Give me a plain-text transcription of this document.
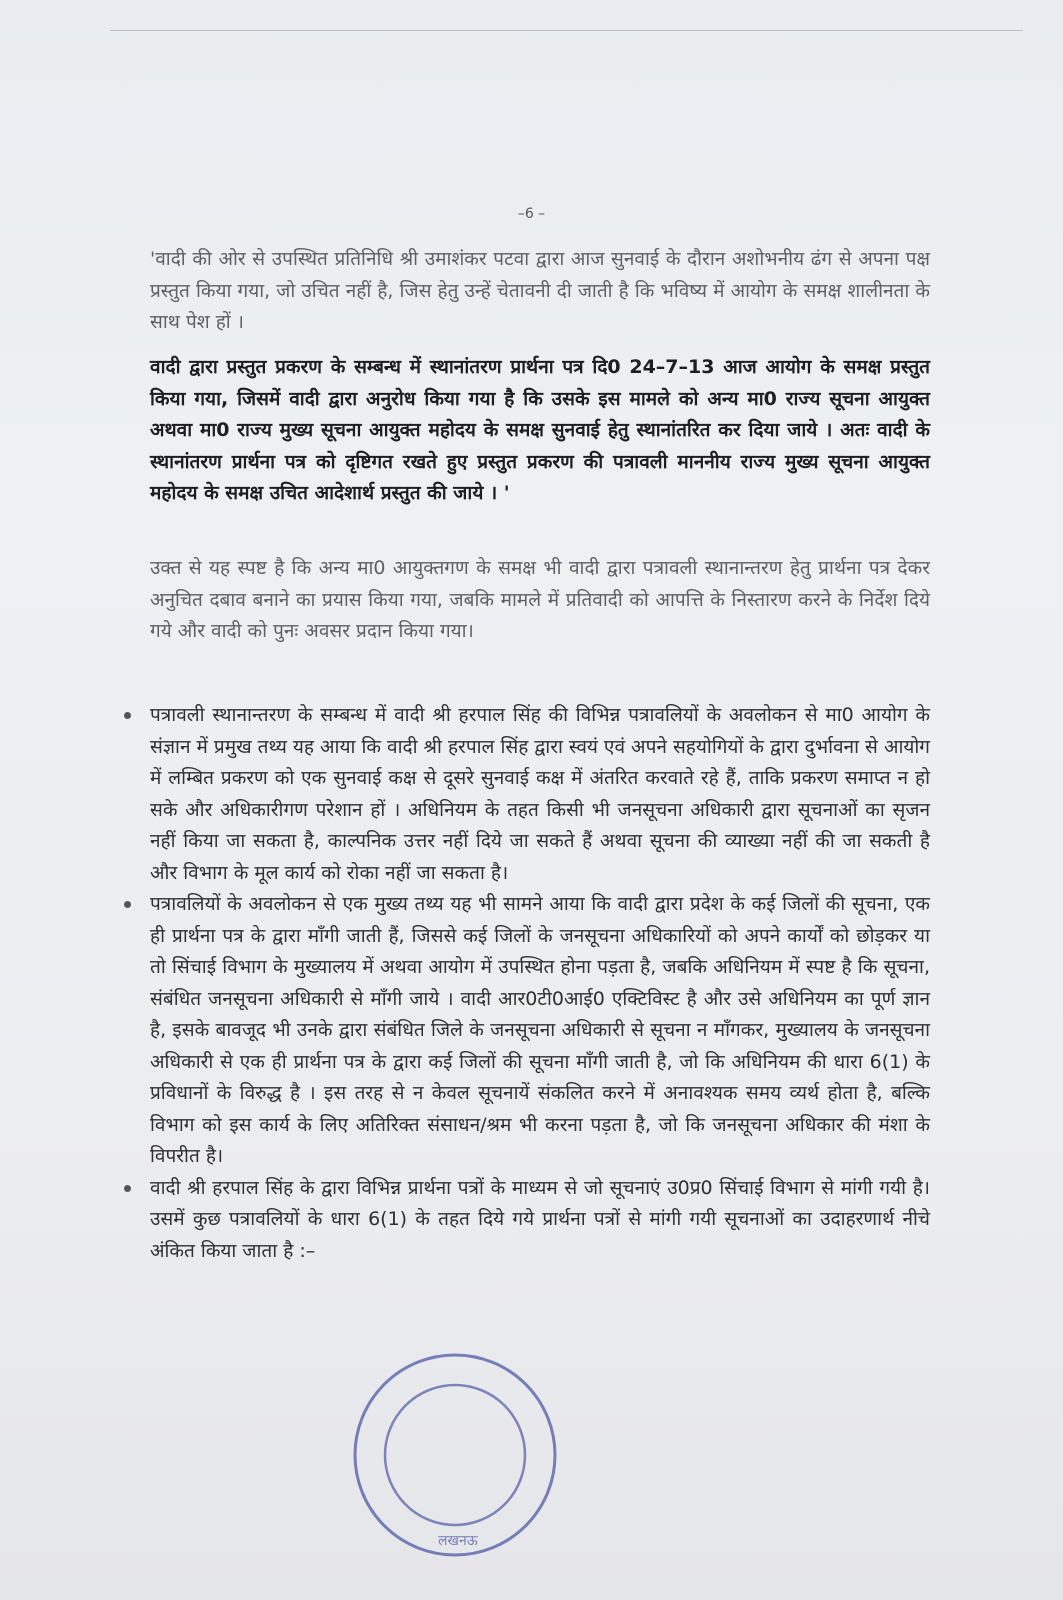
–6 –

'वादी की ओर से उपस्थित प्रतिनिधि श्री उमाशंकर पटवा द्वारा आज सुनवाई के दौरान अशोभनीय ढंग से अपना पक्ष प्रस्तुत किया गया, जो उचित नहीं है, जिस हेतु उन्हें चेतावनी दी जाती है कि भविष्य में आयोग के समक्ष शालीनता के साथ पेश हों ।

वादी द्वारा प्रस्तुत प्रकरण के सम्बन्ध में स्थानांतरण प्रार्थना पत्र दि0 24–7–13 आज आयोग के समक्ष प्रस्तुत किया गया, जिसमें वादी द्वारा अनुरोध किया गया है कि उसके इस मामले को अन्य मा0 राज्य सूचना आयुक्त अथवा मा0 राज्य मुख्य सूचना आयुक्त महोदय के समक्ष सुनवाई हेतु स्थानांतरित कर दिया जाये । अतः वादी के स्थानांतरण प्रार्थना पत्र को दृष्टिगत रखते हुए प्रस्तुत प्रकरण की पत्रावली माननीय राज्य मुख्य सूचना आयुक्त महोदय के समक्ष उचित आदेशार्थ प्रस्तुत की जाये । '

उक्त से यह स्पष्ट है कि अन्य मा0 आयुक्तगण के समक्ष भी वादी द्वारा पत्रावली स्थानान्तरण हेतु प्रार्थना पत्र देकर अनुचित दबाव बनाने का प्रयास किया गया, जबकि मामले में प्रतिवादी को आपत्ति के निस्तारण करने के निर्देश दिये गये और वादी को पुनः अवसर प्रदान किया गया।

पत्रावली स्थानान्तरण के सम्बन्ध में वादी श्री हरपाल सिंह की विभिन्न पत्रावलियों के अवलोकन से मा0 आयोग के संज्ञान में प्रमुख तथ्य यह आया कि वादी श्री हरपाल सिंह द्वारा स्वयं एवं अपने सहयोगियों के द्वारा दुर्भावना से आयोग में लम्बित प्रकरण को एक सुनवाई कक्ष से दूसरे सुनवाई कक्ष में अंतरित करवाते रहे हैं, ताकि प्रकरण समाप्त न हो सके और अधिकारीगण परेशान हों । अधिनियम के तहत किसी भी जनसूचना अधिकारी द्वारा सूचनाओं का सृजन नहीं किया जा सकता है, काल्पनिक उत्तर नहीं दिये जा सकते हैं अथवा सूचना की व्याख्या नहीं की जा सकती है और विभाग के मूल कार्य को रोका नहीं जा सकता है।
पत्रावलियों के अवलोकन से एक मुख्य तथ्य यह भी सामने आया कि वादी द्वारा प्रदेश के कई जिलों की सूचना, एक ही प्रार्थना पत्र के द्वारा माँगी जाती हैं, जिससे कई जिलों के जनसूचना अधिकारियों को अपने कार्यों को छोड़कर या तो सिंचाई विभाग के मुख्यालय में अथवा आयोग में उपस्थित होना पड़ता है, जबकि अधिनियम में स्पष्ट है कि सूचना, संबंधित जनसूचना अधिकारी से माँगी जाये । वादी आर0टी0आई0 एक्टिविस्ट है और उसे अधिनियम का पूर्ण ज्ञान है, इसके बावजूद भी उनके द्वारा संबंधित जिले के जनसूचना अधिकारी से सूचना न माँगकर, मुख्यालय के जनसूचना अधिकारी से एक ही प्रार्थना पत्र के द्वारा कई जिलों की सूचना माँगी जाती है, जो कि अधिनियम की धारा 6(1) के प्रविधानों के विरुद्ध है । इस तरह से न केवल सूचनायें संकलित करने में अनावश्यक समय व्यर्थ होता है, बल्कि विभाग को इस कार्य के लिए अतिरिक्त संसाधन/श्रम भी करना पड़ता है, जो कि जनसूचना अधिकार की मंशा के विपरीत है।
वादी श्री हरपाल सिंह के द्वारा विभिन्न प्रार्थना पत्रों के माध्यम से जो सूचनाएं उ0प्र0 सिंचाई विभाग से मांगी गयी है। उसमें कुछ पत्रावलियों के धारा 6(1) के तहत दिये गये प्रार्थना पत्रों से मांगी गयी सूचनाओं का उदाहरणार्थ नीचे अंकित किया जाता है :–
लखनऊ
